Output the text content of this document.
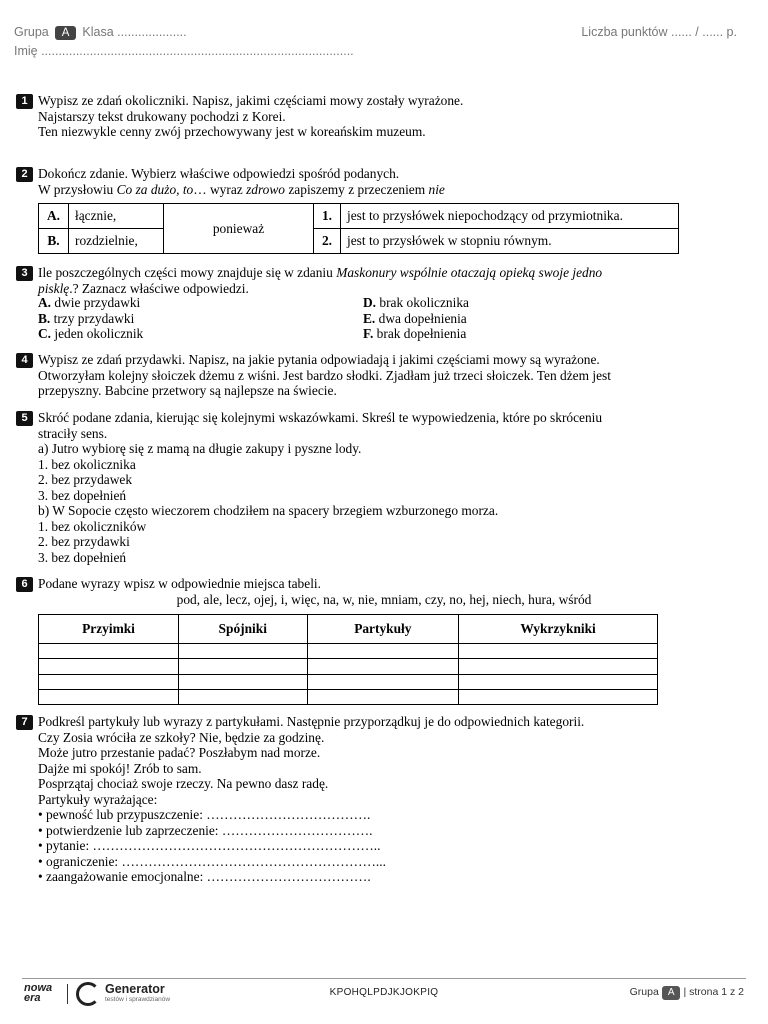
Grupa A Klasa ....................
Imię ..........................................................................................
Liczba punktów ...... / ...... p.
1 Wypisz ze zdań okoliczniki. Napisz, jakimi częściami mowy zostały wyrażone.
Najstarszy tekst drukowany pochodzi z Korei.
Ten niezwykle cenny zwój przechowywany jest w koreańskim muzeum.
2 Dokończ zdanie. Wybierz właściwe odpowiedzi spośród podanych.
W przysłowiu Co za dużo, to… wyraz zdrowo zapiszemy z przeczeniem nie
A.	łącznie,	ponieważ	1.	jest to przysłówek niepochodzący od przymiotnika.
B.	rozdzielnie,		2.	jest to przysłówek w stopniu równym.
3 Ile poszczególnych części mowy znajduje się w zdaniu Maskonury wspólnie otaczają opieką swoje jedno
pisklę.? Zaznacz właściwe odpowiedzi.
A. dwie przydawki
B. trzy przydawki
C. jeden okolicznik
D. brak okolicznika
E. dwa dopełnienia
F. brak dopełnienia
4 Wypisz ze zdań przydawki. Napisz, na jakie pytania odpowiadają i jakimi częściami mowy są wyrażone.
Otworzyłam kolejny słoiczek dżemu z wiśni. Jest bardzo słodki. Zjadłam już trzeci słoiczek. Ten dżem jest
przepyszny. Babcine przetwory są najlepsze na świecie.
5 Skróć podane zdania, kierując się kolejnymi wskazówkami. Skreśl te wypowiedzenia, które po skróceniu
straciły sens.
a) Jutro wybiorę się z mamą na długie zakupy i pyszne lody.
1. bez okolicznika
2. bez przydawek
3. bez dopełnień
b) W Sopocie często wieczorem chodziłem na spacery brzegiem wzburzonego morza.
1. bez okoliczników
2. bez przydawki
3. bez dopełnień
6 Podane wyrazy wpisz w odpowiednie miejsca tabeli.
pod, ale, lecz, ojej, i, więc, na, w, nie, mniam, czy, no, hej, niech, hura, wśród
Przyimki	Spójniki	Partykuły	Wykrzykniki

7 Podkreśl partykuły lub wyrazy z partykułami. Następnie przyporządkuj je do odpowiednich kategorii.
Czy Zosia wróciła ze szkoły? Nie, będzie za godzinę.
Może jutro przestanie padać? Poszłabym nad morze.
Dajże mi spokój! Zrób to sam.
Posprzątaj chociaż swoje rzeczy. Na pewno dasz radę.
Partykuły wyrażające:
• pewność lub przypuszczenie: ……………………………….
• potwierdzenie lub zaprzeczenie: …………………………….
• pytanie: ………………………………………………………..
• ograniczenie: …………………………………………………...
• zaangażowanie emocjonalne: ……………………………….
nowa era
Generator
testów i sprawdzianów
KPOHQLPDJKJOKPIQ	Grupa A | strona 1 z 2
